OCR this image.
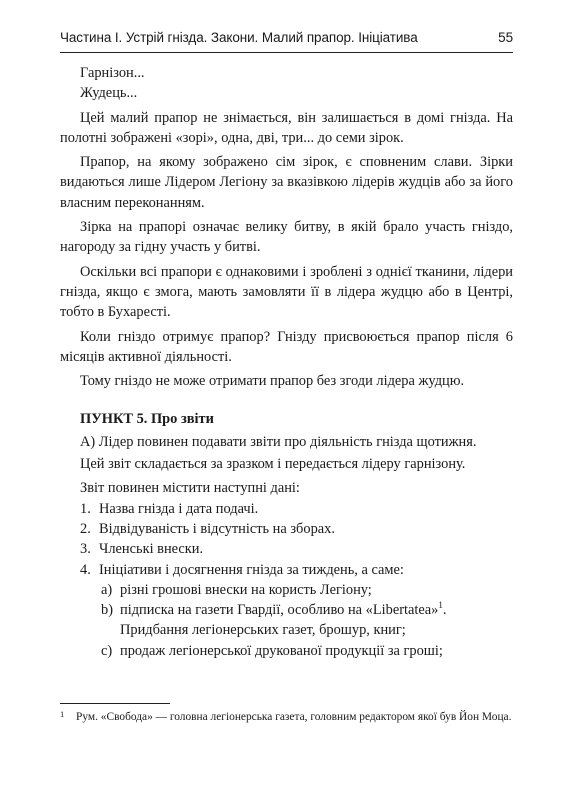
Частина І. Устрій гнізда. Закони. Малий прапор. Ініціатива	55

Гарнізон...

Жудець...

Цей малий прапор не знімається, він залишається в домі гнізда. На полотні зображені «зорі», одна, дві, три... до семи зірок.

Прапор, на якому зображено сім зірок, є сповненим слави. Зірки видаються лише Лідером Легіону за вказівкою лідерів жудців або за його власним переконанням.

Зірка на прапорі означає велику битву, в якій брало участь гніздо, нагороду за гідну участь у битві.

Оскільки всі прапори є однаковими і зроблені з однієї тканини, лідери гнізда, якщо є змога, мають замовляти її в лідера жудцю або в Центрі, тобто в Бухаресті.

Коли гніздо отримує прапор? Гнізду присвоюється прапор після 6 місяців активної діяльності.

Тому гніздо не може отримати прапор без згоди лідера жудцю.

ПУНКТ 5. Про звіти

А) Лідер повинен подавати звіти про діяльність гнізда щотижня.

Цей звіт складається за зразком і передається лідеру гарнізону.

Звіт повинен містити наступні дані:

1. Назва гнізда і дата подачі.
2. Відвідуваність і відсутність на зборах.
3. Членські внески.
4. Ініціативи і досягнення гнізда за тиждень, а саме:
а) різні грошові внески на користь Легіону;
b) підписка на газети Гвардії, особливо на «Libertatea»$^1$. Придбання легіонерських газет, брошур, книг;
с) продаж легіонерської друкованої продукції за гроші;
1	Рум. «Свобода» — головна легіонерська газета, головним редактором якої був Йон Моца.
